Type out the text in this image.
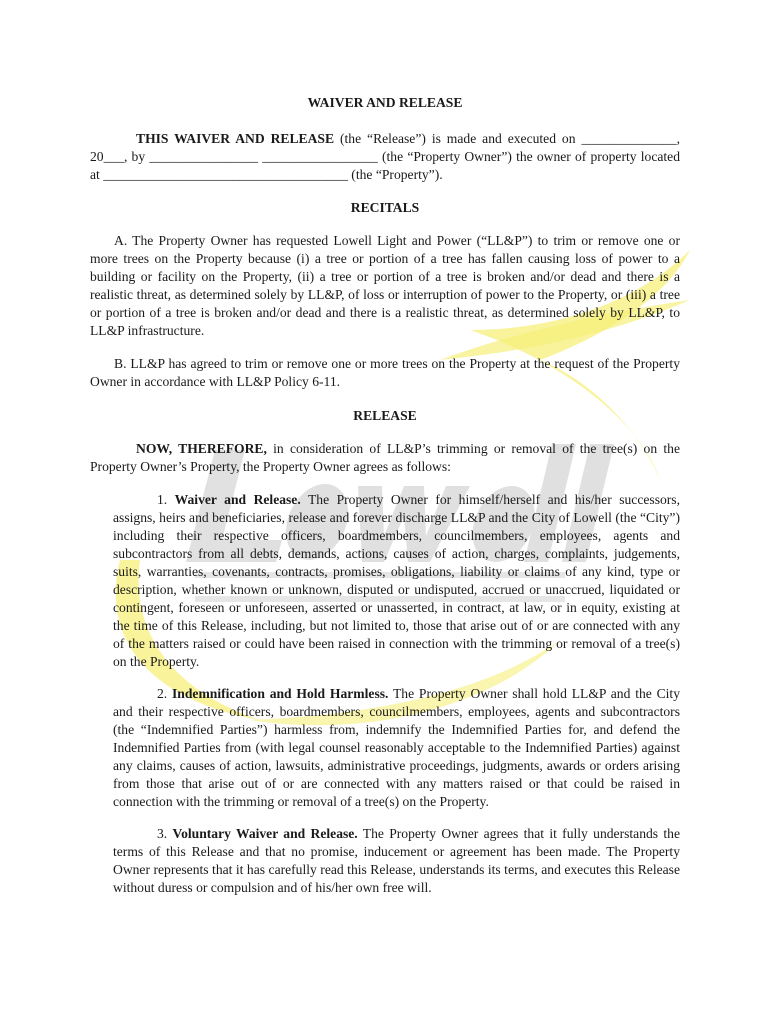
WAIVER AND RELEASE
THIS WAIVER AND RELEASE (the “Release”) is made and executed on ______________, 20___, by ________________ _________________ (the “Property Owner”) the owner of property located at ____________________________________ (the “Property”).
RECITALS
A. The Property Owner has requested Lowell Light and Power (“LL&P”) to trim or remove one or more trees on the Property because (i) a tree or portion of a tree has fallen causing loss of power to a building or facility on the Property, (ii) a tree or portion of a tree is broken and/or dead and there is a realistic threat, as determined solely by LL&P, of loss or interruption of power to the Property, or (iii) a tree or portion of a tree is broken and/or dead and there is a realistic threat, as determined solely by LL&P, to LL&P infrastructure.
B. LL&P has agreed to trim or remove one or more trees on the Property at the request of the Property Owner in accordance with LL&P Policy 6-11.
RELEASE
NOW, THEREFORE, in consideration of LL&P’s trimming or removal of the tree(s) on the Property Owner’s Property, the Property Owner agrees as follows:
1. Waiver and Release. The Property Owner for himself/herself and his/her successors, assigns, heirs and beneficiaries, release and forever discharge LL&P and the City of Lowell (the “City”) including their respective officers, boardmembers, councilmembers, employees, agents and subcontractors from all debts, demands, actions, causes of action, charges, complaints, judgements, suits, warranties, covenants, contracts, promises, obligations, liability or claims of any kind, type or description, whether known or unknown, disputed or undisputed, accrued or unaccrued, liquidated or contingent, foreseen or unforeseen, asserted or unasserted, in contract, at law, or in equity, existing at the time of this Release, including, but not limited to, those that arise out of or are connected with any of the matters raised or could have been raised in connection with the trimming or removal of a tree(s) on the Property.
2. Indemnification and Hold Harmless. The Property Owner shall hold LL&P and the City and their respective officers, boardmembers, councilmembers, employees, agents and subcontractors (the “Indemnified Parties”) harmless from, indemnify the Indemnified Parties for, and defend the Indemnified Parties from (with legal counsel reasonably acceptable to the Indemnified Parties) against any claims, causes of action, lawsuits, administrative proceedings, judgments, awards or orders arising from those that arise out of or are connected with any matters raised or that could be raised in connection with the trimming or removal of a tree(s) on the Property.
3. Voluntary Waiver and Release. The Property Owner agrees that it fully understands the terms of this Release and that no promise, inducement or agreement has been made. The Property Owner represents that it has carefully read this Release, understands its terms, and executes this Release without duress or compulsion and of his/her own free will.
